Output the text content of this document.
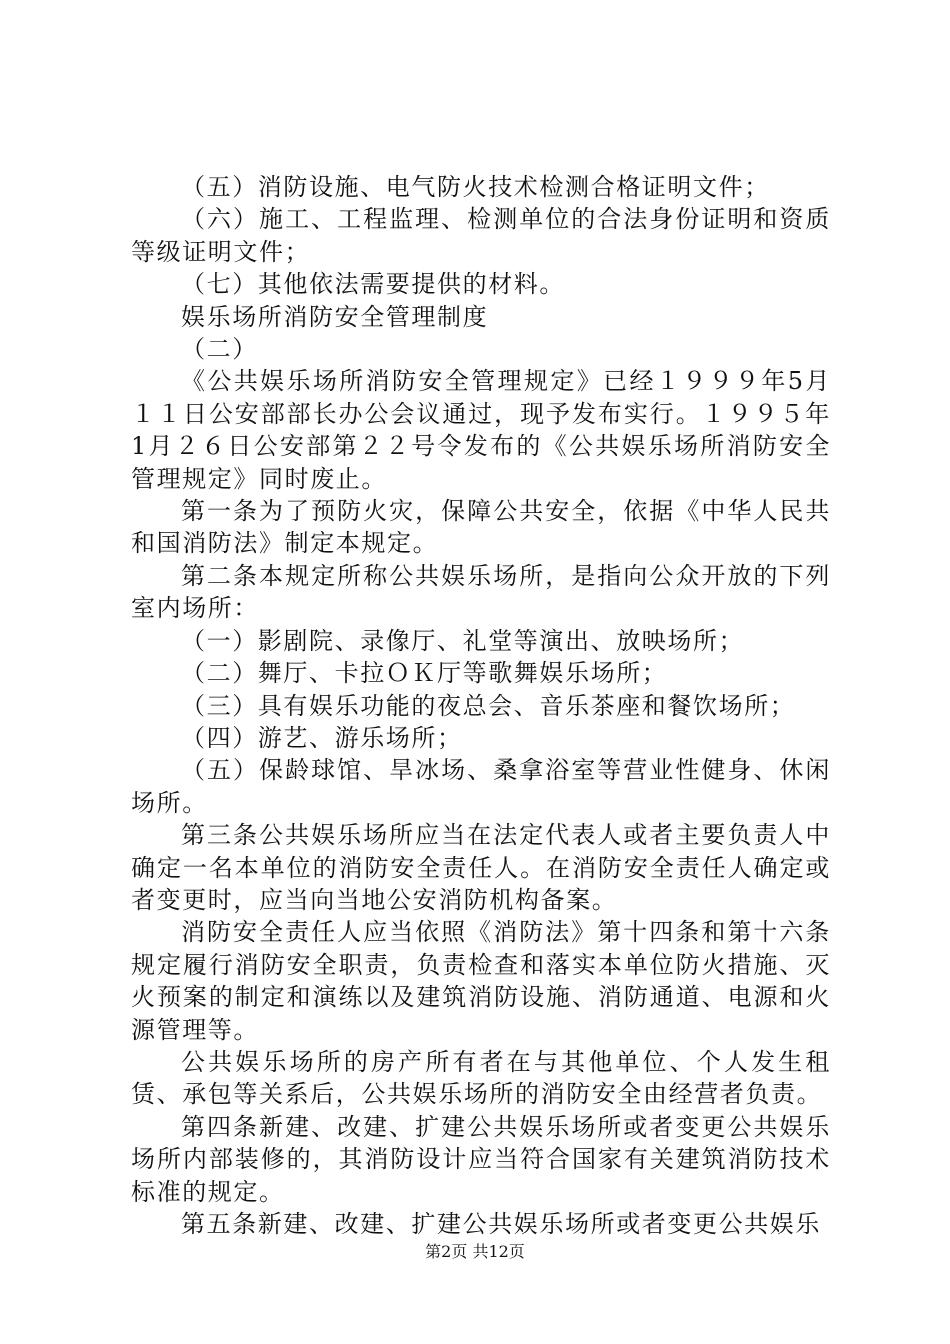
（五）消防设施、电气防火技术检测合格证明文件；

（六）施工、工程监理、检测单位的合法身份证明和资质等级证明文件；

（七）其他依法需要提供的材料。

娱乐场所消防安全管理制度

（二）

《公共娱乐场所消防安全管理规定》已经１９９９年5月１１日公安部部长办公会议通过，现予发布实行。１９９５年1月２６日公安部第２２号令发布的《公共娱乐场所消防安全管理规定》同时废止。

第一条为了预防火灾，保障公共安全，依据《中华人民共和国消防法》制定本规定。

第二条本规定所称公共娱乐场所，是指向公众开放的下列室内场所：

（一）影剧院、录像厅、礼堂等演出、放映场所；

（二）舞厅、卡拉ＯＫ厅等歌舞娱乐场所；

（三）具有娱乐功能的夜总会、音乐茶座和餐饮场所；

（四）游艺、游乐场所；

（五）保龄球馆、旱冰场、桑拿浴室等营业性健身、休闲场所。

第三条公共娱乐场所应当在法定代表人或者主要负责人中确定一名本单位的消防安全责任人。在消防安全责任人确定或者变更时，应当向当地公安消防机构备案。

消防安全责任人应当依照《消防法》第十四条和第十六条规定履行消防安全职责，负责检查和落实本单位防火措施、灭火预案的制定和演练以及建筑消防设施、消防通道、电源和火源管理等。

公共娱乐场所的房产所有者在与其他单位、个人发生租赁、承包等关系后，公共娱乐场所的消防安全由经营者负责。

第四条新建、改建、扩建公共娱乐场所或者变更公共娱乐场所内部装修的，其消防设计应当符合国家有关建筑消防技术标准的规定。

第五条新建、改建、扩建公共娱乐场所或者变更公共娱乐

第2页 共12页
